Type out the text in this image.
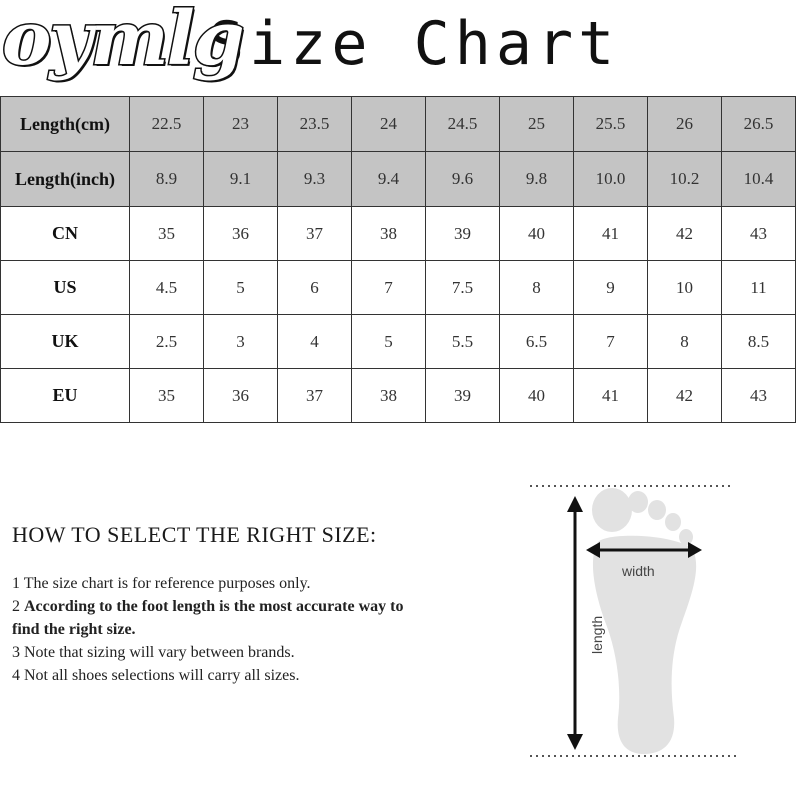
Size Chart
oymlg
Length(cm)	22.5	23	23.5	24	24.5	25	25.5	26	26.5
Length(inch)	8.9	9.1	9.3	9.4	9.6	9.8	10.0	10.2	10.4
CN	35	36	37	38	39	40	41	42	43
US	4.5	5	6	7	7.5	8	9	10	11
UK	2.5	3	4	5	5.5	6.5	7	8	8.5
EU	35	36	37	38	39	40	41	42	43
HOW TO SELECT THE RIGHT SIZE:
1 The size chart is for reference purposes only.
2 According to the foot length is the most accurate way to find the right size.
3 Note that sizing will vary between brands.
4 Not all shoes selections will carry all sizes.
width
length
